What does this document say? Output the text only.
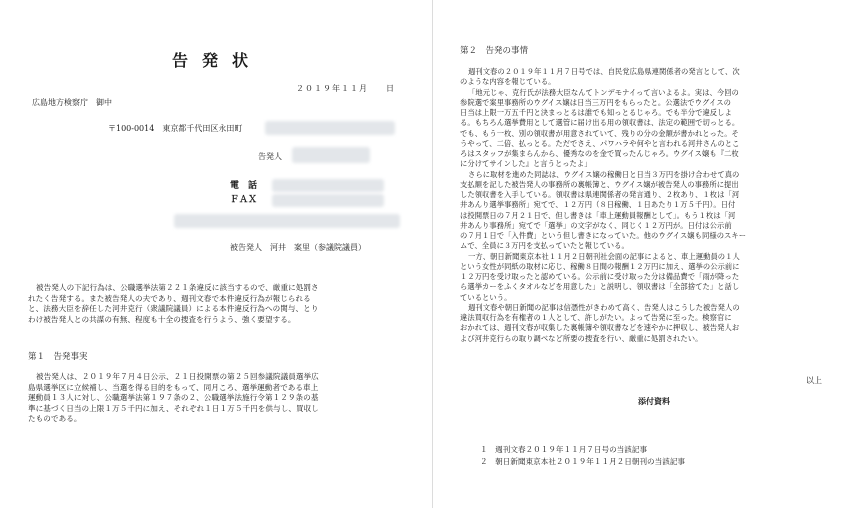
告発状
２０１９年１１月　　日
広島地方検察庁　御中
〒100-0014　東京都千代田区永田町
告発人
電　話
ＦＡＸ
被告発人　河井　案里（参議院議員）
被告発人の下記行為は、公職選挙法第２２１条違反に該当するので、厳重に処罰さ
れたく告発する。また被告発人の夫であり、週刊文春で本件違反行為が報じられる
と、法務大臣を辞任した河井克行（衆議院議員）による本件違反行為への関与、とり
わけ被告発人との共謀の有無、程度も十全の捜査を行うよう、強く要望する。
第１　告発事実
被告発人は、２０１９年７月４日公示、２１日投開票の第２５回参議院議員選挙広
島県選挙区に立候補し、当選を得る目的をもって、同月ころ、選挙運動者である車上
運動員１３人に対し、公職選挙法第１９７条の２、公職選挙法施行令第１２９条の基
準に基づく日当の上限１万５千円に加え、それぞれ１日１万５千円を供与し、買収し
たものである。
第２　告発の事情
週刊文春の２０１９年１１月７日号では、自民党広島県連関係者の発言として、次
のような内容を報じている。
「地元じゃ、克行氏が法務大臣なんてトンデモナイって言いよるよ。実は、今回の
参院選で案里事務所のウグイス嬢は日当三万円をもらったと。公選法でウグイスの
日当は上限一万五千円と決まっとるは誰でも知っとるじゃろ。でも半分で違反しよ
る。もちろん選挙費用として選管に届け出る用の領収書は、法定の範囲で切っとる。
でも、もう一枚、別の領収書が用意されていて、残りの分の金額が書かれとった。そ
うやって、二倍、払っとる。ただでさえ、パワハラや何やと言われる河井さんのとこ
ろはスタッフが集まらんから、優秀なのを金で買ったんじゃろ。ウグイス嬢も『二枚
に分けてサインした』と言うとったよ」
さらに取材を進めた同誌は、ウグイス嬢の稼働日と日当３万円を掛け合わせて真の
支払額を記した被告発人の事務所の裏帳簿と、ウグイス嬢が被告発人の事務所に提出
した領収書を入手している。領収書は県連関係者の発言通り、２枚あり、１枚は「河
井あんり選挙事務所」宛てで、１２万円（８日稼働、１日あたり１万５千円）。日付
は投開票日の７月２１日で、但し書きは「車上運動員報酬として」。もう１枚は「河
井あんり事務所」宛てで「選挙」の文字がなく、同じく１２万円が。日付は公示前
の７月１日で「入件費」という但し書きになっていた。他のウグイス嬢も同様のスキー
ムで、全員に３万円を支払っていたと報じている。
一方、朝日新聞東京本社１１月２日朝刊社会面の記事によると、車上運動員の１人
という女性が同紙の取材に応じ、稼働８日間の報酬１２万円に加え、選挙の公示前に
１２万円を受け取ったと認めている。公示前に受け取った分は備品費で「雨が降った
ら選挙カーをふくタオルなどを用意した」と説明し、領収書は「全部捨てた」と話し
ているという。
週刊文春や朝日新聞の記事は信憑性がきわめて高く、告発人はこうした被告発人の
違法買収行為を有権者の１人として、許しがたい。よって告発に至った。検察官に
おかれては、週刊文春が収集した裏帳簿や領収書などを速やかに押収し、被告発人お
よび河井克行らの取り調べなど所要の捜査を行い、厳重に処罰されたい。
以上
添付資料
１　週刊文春２０１９年１１月７日号の当該記事
２　朝日新聞東京本社２０１９年１１月２日朝刊の当該記事
